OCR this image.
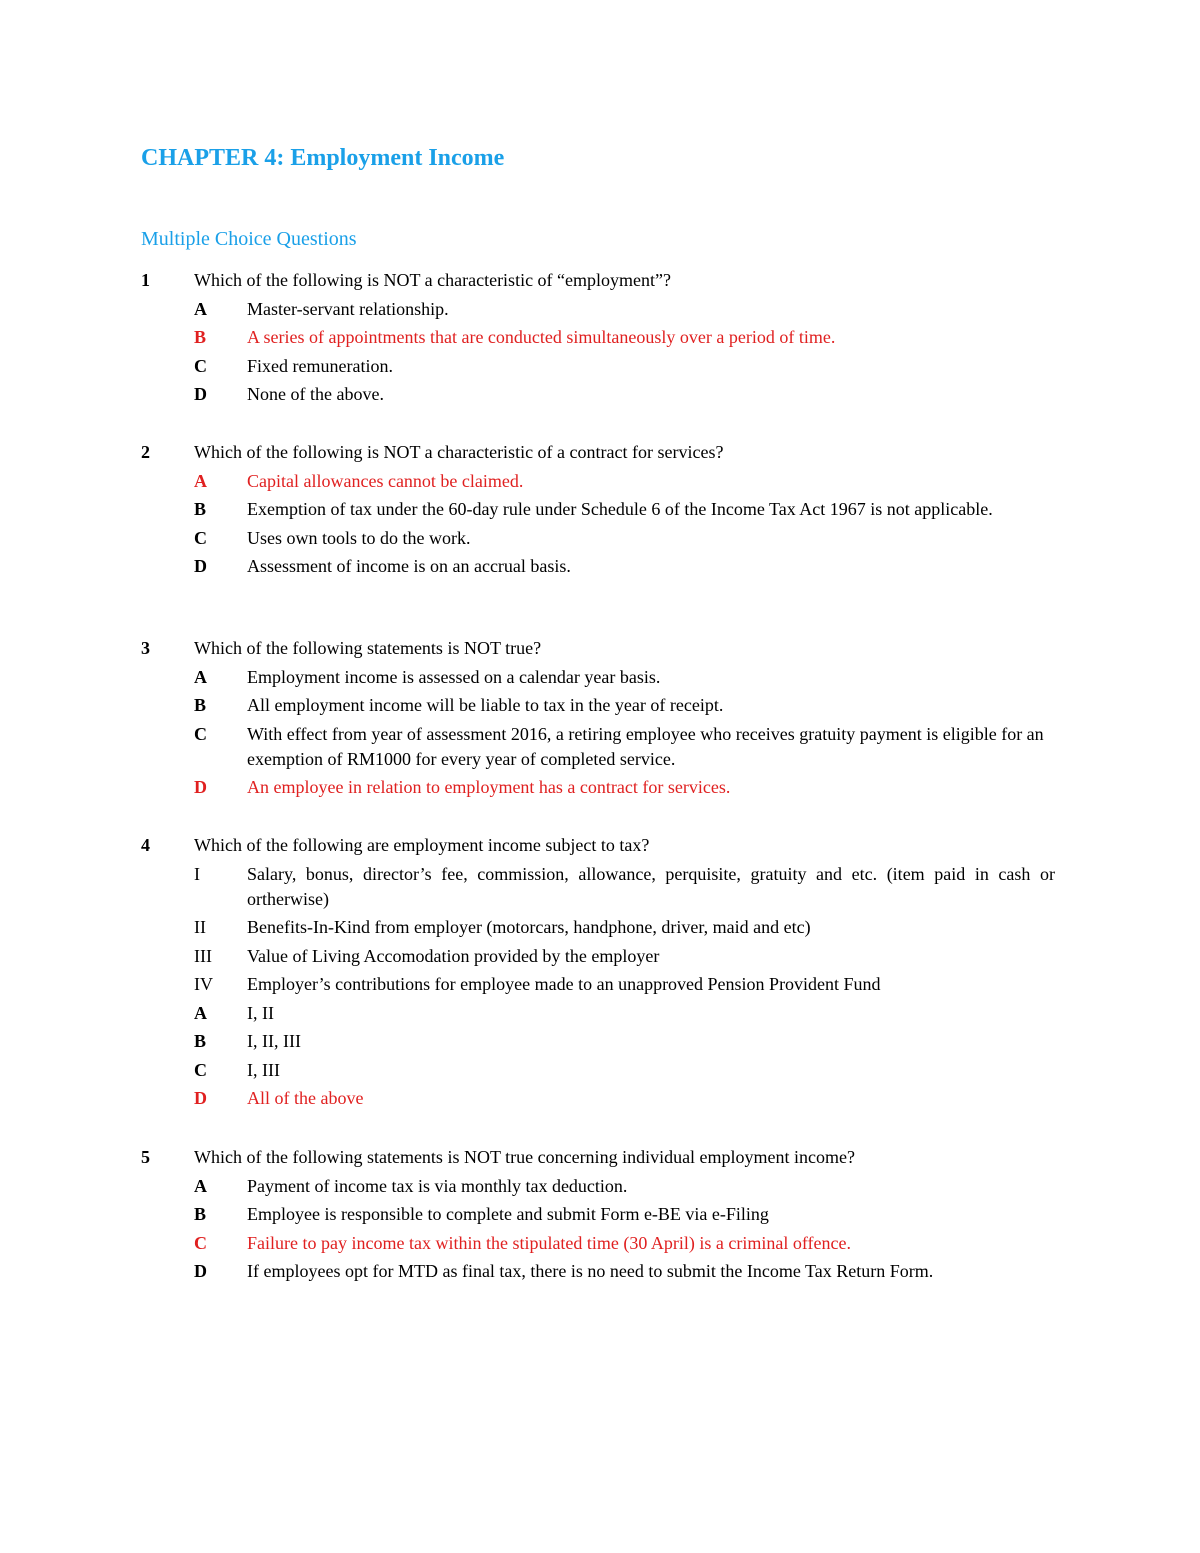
CHAPTER 4: Employment Income
Multiple Choice Questions
1	Which of the following is NOT a characteristic of “employment”?
A	Master-servant relationship.
B	A series of appointments that are conducted simultaneously over a period of time.
C	Fixed remuneration.
D	None of the above.
2	Which of the following is NOT a characteristic of a contract for services?
A	Capital allowances cannot be claimed.
B	Exemption of tax under the 60-day rule under Schedule 6 of the Income Tax Act 1967 is not applicable.
C	Uses own tools to do the work.
D	Assessment of income is on an accrual basis.
3	Which of the following statements is NOT true?
A	Employment income is assessed on a calendar year basis.
B	All employment income will be liable to tax in the year of receipt.
C	With effect from year of assessment 2016, a retiring employee who receives gratuity payment is eligible for an exemption of RM1000 for every year of completed service.
D	An employee in relation to employment has a contract for services.
4	Which of the following are employment income subject to tax?
I	Salary, bonus, director’s fee, commission, allowance, perquisite, gratuity and etc. (item paid in cash or ortherwise)
II	Benefits-In-Kind from employer (motorcars, handphone, driver, maid and etc)
III	Value of Living Accomodation provided by the employer
IV	Employer’s contributions for employee made to an unapproved Pension Provident Fund
A	I, II
B	I, II, III
C	I, III
D	All of the above
5	Which of the following statements is NOT true concerning individual employment income?
A	Payment of income tax is via monthly tax deduction.
B	Employee is responsible to complete and submit Form e-BE via e-Filing
C	Failure to pay income tax within the stipulated time (30 April) is a criminal offence.
D	If employees opt for MTD as final tax, there is no need to submit the Income Tax Return Form.
